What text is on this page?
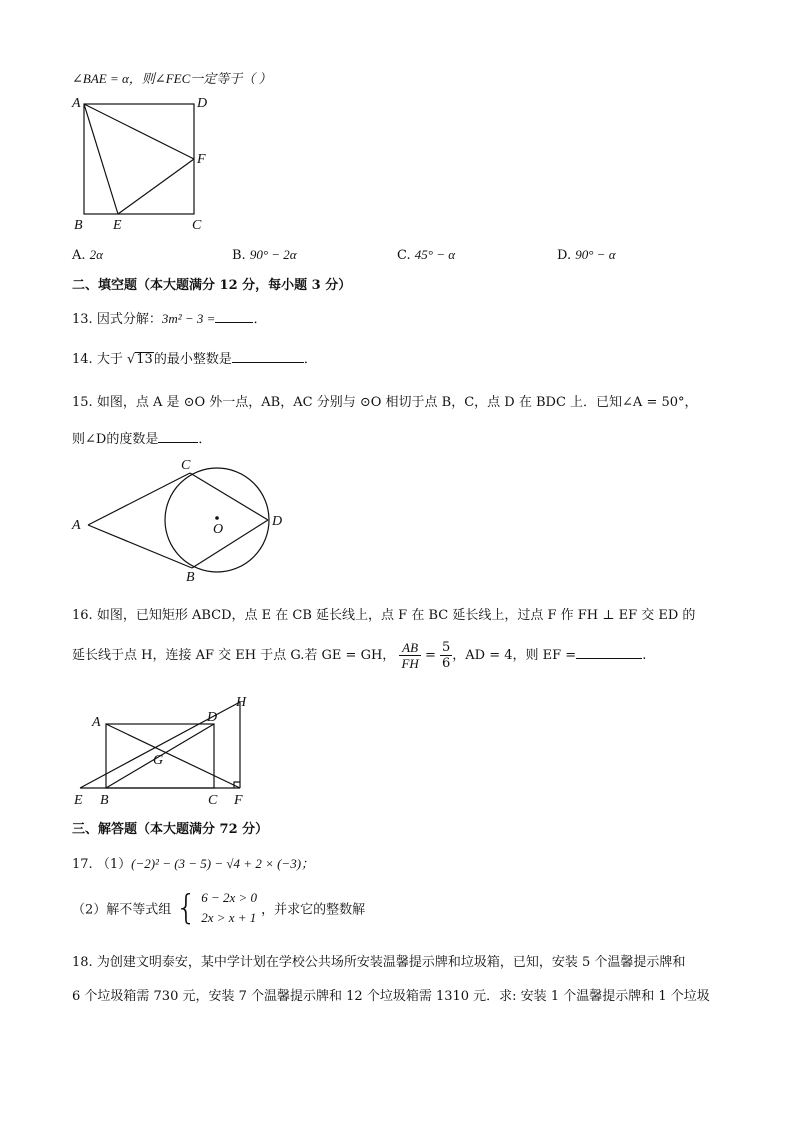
∠BAE = α，则∠FEC一定等于（ ）
A	D
F
B E	C
A. 2α	B. 90° − 2α	C. 45° − α	D. 90° − α
二、填空题（本大题满分 12 分，每小题 3 分）
13. 因式分解：3m² − 3 =	．
14. 大于 √13的最小整数是	．
15. 如图，点 A 是 ⊙O 外一点，AB，AC 分别与 ⊙O 相切于点 B，C，点 D 在 BDC 上．已知∠A = 50°，
则∠D的度数是	．
C
A	O
D
B
16. 如图，已知矩形 ABCD，点 E 在 CB 延长线上，点 F 在 BC 延长线上，过点 F 作 FH ⊥ EF 交 ED 的
延长线于点 H，连接 AF 交 EH 于点 G.若 GE = GH， $\frac{AB}{FH} = \frac{5}{6}$ ，AD = 4，则 EF =	.
A	D
H
G
E B	C F
三、解答题（本大题满分 72 分）
17. （1）(−2)² − (3 − 5) − √4 + 2 × (−3)；
（2）解不等式组 { 6 − 2x > 0
2x > x + 1 ，并求它的整数解
18. 为创建文明泰安，某中学计划在学校公共场所安装温馨提示牌和垃圾箱，已知，安装 5 个温馨提示牌和
6 个垃圾箱需 730 元，安装 7 个温馨提示牌和 12 个垃圾箱需 1310 元．求: 安装 1 个温馨提示牌和 1 个垃圾
